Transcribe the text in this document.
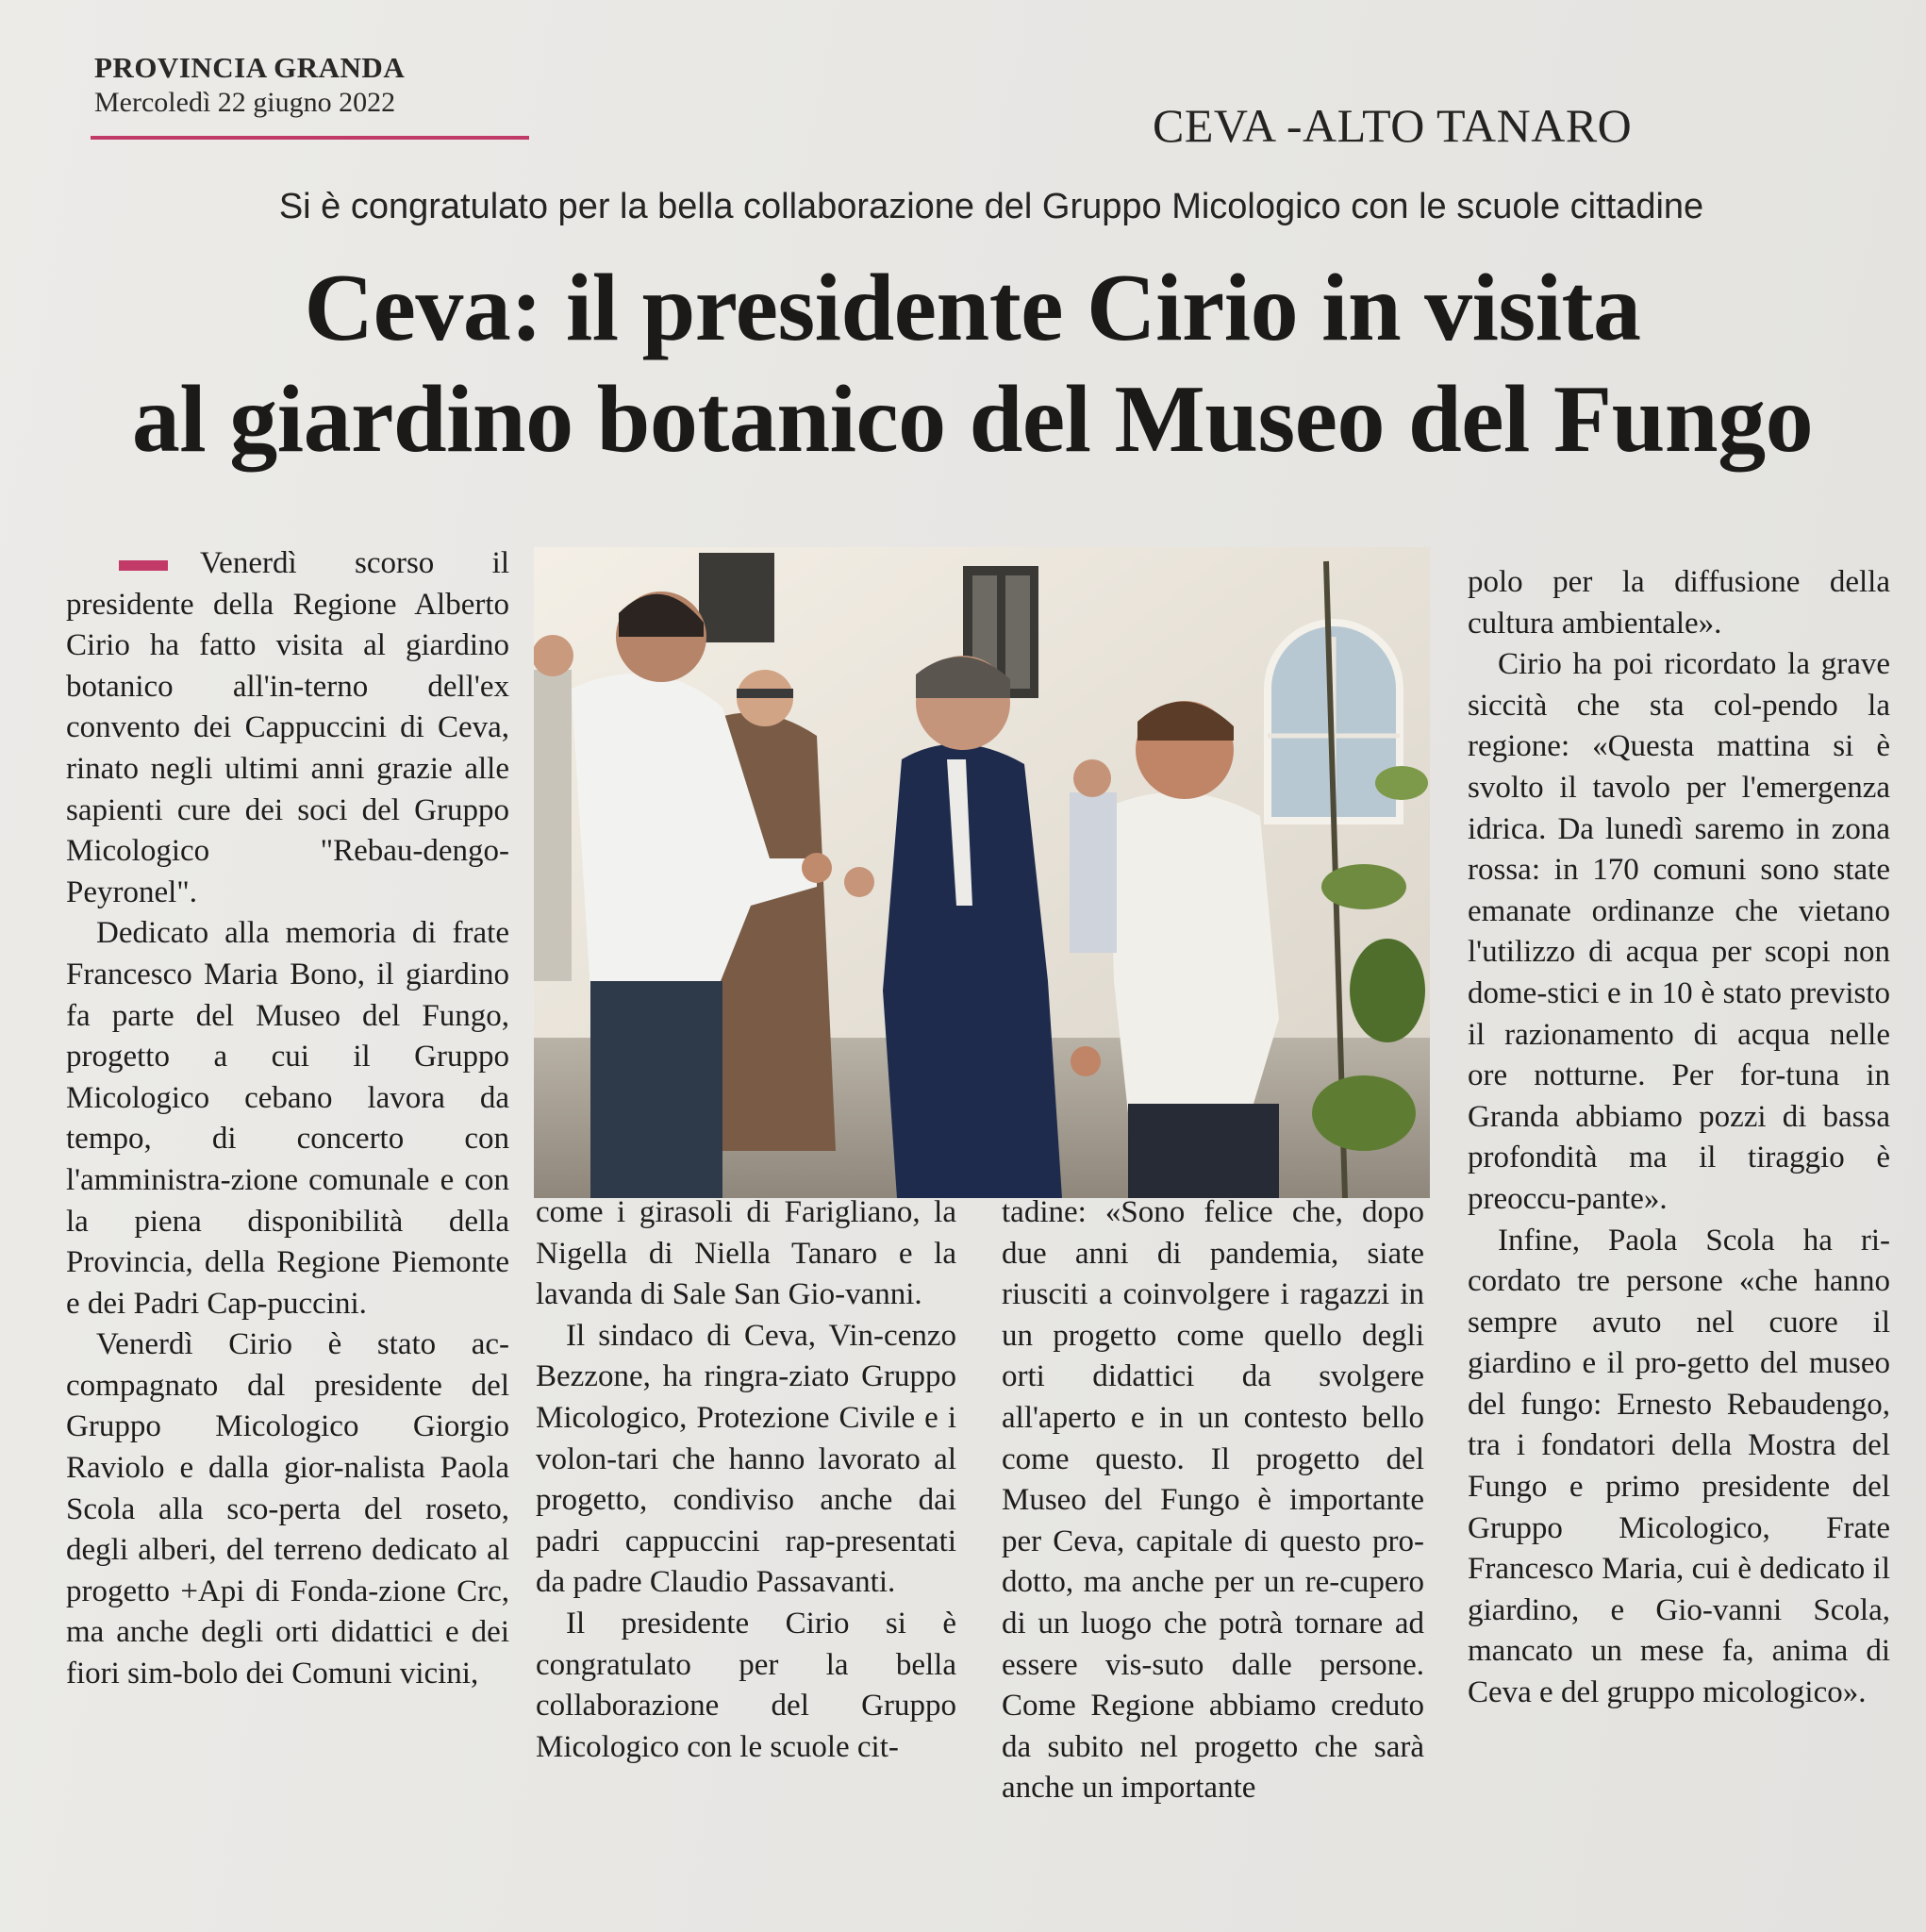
PROVINCIA GRANDA
Mercoledì 22 giugno 2022	CEVA -ALTO TANARO
Si è congratulato per la bella collaborazione del Gruppo Micologico con le scuole cittadine
Ceva: il presidente Cirio in visita
al giardino botanico del Museo del Fungo

Venerdì scorso il presidente della Regione Alberto Cirio ha fatto visita al giardino botanico all'in-terno dell'ex convento dei Cappuccini di Ceva, rinato negli ultimi anni grazie alle sapienti cure dei soci del Gruppo Micologico "Rebau-dengo-Peyronel".

Dedicato alla memoria di frate Francesco Maria Bono, il giardino fa parte del Museo del Fungo, progetto a cui il Gruppo Micologico cebano lavora da tempo, di concerto con l'amministra-zione comunale e con la piena disponibilità della Provincia, della Regione Piemonte e dei Padri Cap-puccini.

Venerdì Cirio è stato ac-compagnato dal presidente del Gruppo Micologico Giorgio Raviolo e dalla gior-nalista Paola Scola alla sco-perta del roseto, degli alberi, del terreno dedicato al progetto +Api di Fonda-zione Crc, ma anche degli orti didattici e dei fiori sim-bolo dei Comuni vicini,

come i girasoli di Farigliano, la Nigella di Niella Tanaro e la lavanda di Sale San Gio-vanni.

Il sindaco di Ceva, Vin-cenzo Bezzone, ha ringra-ziato Gruppo Micologico, Protezione Civile e i volon-tari che hanno lavorato al progetto, condiviso anche dai padri cappuccini rap-presentati da padre Claudio Passavanti.

Il presidente Cirio si è congratulato per la bella collaborazione del Gruppo Micologico con le scuole cit-

tadine: «Sono felice che, dopo due anni di pandemia, siate riusciti a coinvolgere i ragazzi in un progetto come quello degli orti didattici da svolgere all'aperto e in un contesto bello come questo. Il progetto del Museo del Fungo è importante per Ceva, capitale di questo pro-dotto, ma anche per un re-cupero di un luogo che potrà tornare ad essere vis-suto dalle persone. Come Regione abbiamo creduto da subito nel progetto che sarà anche un importante

polo per la diffusione della cultura ambientale».

Cirio ha poi ricordato la grave siccità che sta col-pendo la regione: «Questa mattina si è svolto il tavolo per l'emergenza idrica. Da lunedì saremo in zona rossa: in 170 comuni sono state emanate ordinanze che vietano l'utilizzo di acqua per scopi non dome-stici e in 10 è stato previsto il razionamento di acqua nelle ore notturne. Per for-tuna in Granda abbiamo pozzi di bassa profondità ma il tiraggio è preoccu-pante».

Infine, Paola Scola ha ri-cordato tre persone «che hanno sempre avuto nel cuore il giardino e il pro-getto del museo del fungo: Ernesto Rebaudengo, tra i fondatori della Mostra del Fungo e primo presidente del Gruppo Micologico, Frate Francesco Maria, cui è dedicato il giardino, e Gio-vanni Scola, mancato un mese fa, anima di Ceva e del gruppo micologico».
